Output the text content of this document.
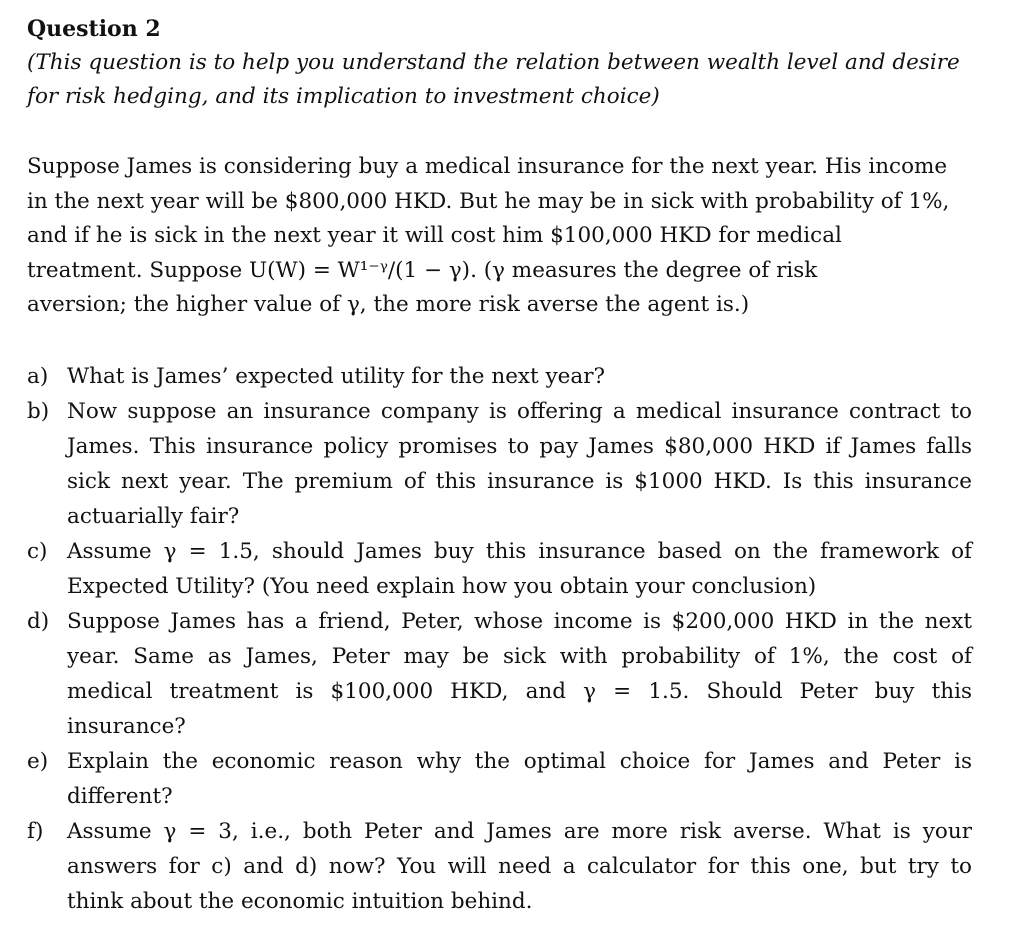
Question 2

(This question is to help you understand the relation between wealth level and desire
for risk hedging, and its implication to investment choice)

Suppose James is considering buy a medical insurance for the next year. His income
in the next year will be $800,000 HKD. But he may be in sick with probability of 1%,
and if he is sick in the next year it will cost him $100,000 HKD for medical
treatment. Suppose U(W) = W¹⁻ᵞ/(1 − γ). (γ measures the degree of risk
aversion; the higher value of γ, the more risk averse the agent is.)

a) What is James’ expected utility for the next year?
b) Now suppose an insurance company is offering a medical insurance contract to
James. This insurance policy promises to pay James $80,000 HKD if James falls
sick next year. The premium of this insurance is $1000 HKD. Is this insurance
actuarially fair?
c) Assume γ = 1.5, should James buy this insurance based on the framework of
Expected Utility? (You need explain how you obtain your conclusion)
d) Suppose James has a friend, Peter, whose income is $200,000 HKD in the next
year. Same as James, Peter may be sick with probability of 1%, the cost of
medical treatment is $100,000 HKD, and γ = 1.5. Should Peter buy this
insurance?
e) Explain the economic reason why the optimal choice for James and Peter is
different?
f) Assume γ = 3, i.e., both Peter and James are more risk averse. What is your
answers for c) and d) now? You will need a calculator for this one, but try to
think about the economic intuition behind.
